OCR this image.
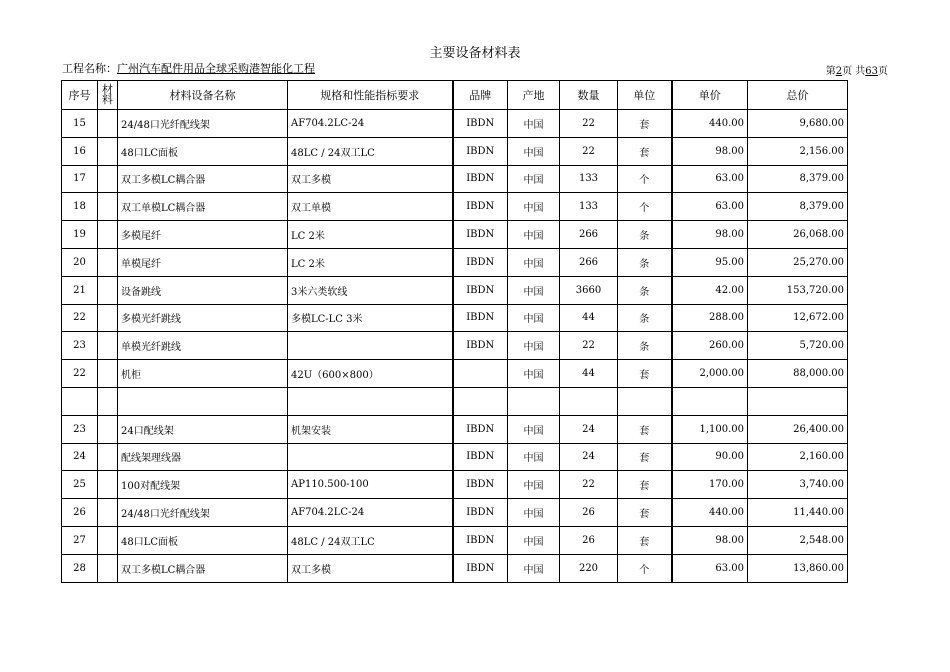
主要设备材料表
工程名称：广州汽车配件用品全球采购港智能化工程	第2页 共63页
序号	材料	材料设备名称	规格和性能指标要求	品牌	产地	数量	单位	单价	总价
15		24/48口光纤配线架	AF704.2LC-24	IBDN	中国	22	套	440.00	9,680.00
16		48口LC面板	48LC / 24双工LC	IBDN	中国	22	套	98.00	2,156.00
17		双工多模LC耦合器	双工多模	IBDN	中国	133	个	63.00	8,379.00
18		双工单模LC耦合器	双工单模	IBDN	中国	133	个	63.00	8,379.00
19		多模尾纤	LC 2米	IBDN	中国	266	条	98.00	26,068.00
20		单模尾纤	LC 2米	IBDN	中国	266	条	95.00	25,270.00
21		设备跳线	3米六类软线	IBDN	中国	3660	条	42.00	153,720.00
22		多模光纤跳线	多模LC-LC 3米	IBDN	中国	44	条	288.00	12,672.00
23		单模光纤跳线		IBDN	中国	22	条	260.00	5,720.00
22		机柜	42U（600×800）		中国	44	套	2,000.00	88,000.00

23		24口配线架	机架安装	IBDN	中国	24	套	1,100.00	26,400.00
24		配线架理线器		IBDN	中国	24	套	90.00	2,160.00
25		100对配线架	AP110.500-100	IBDN	中国	22	套	170.00	3,740.00
26		24/48口光纤配线架	AF704.2LC-24	IBDN	中国	26	套	440.00	11,440.00
27		48口LC面板	48LC / 24双工LC	IBDN	中国	26	套	98.00	2,548.00
28		双工多模LC耦合器	双工多模	IBDN	中国	220	个	63.00	13,860.00
